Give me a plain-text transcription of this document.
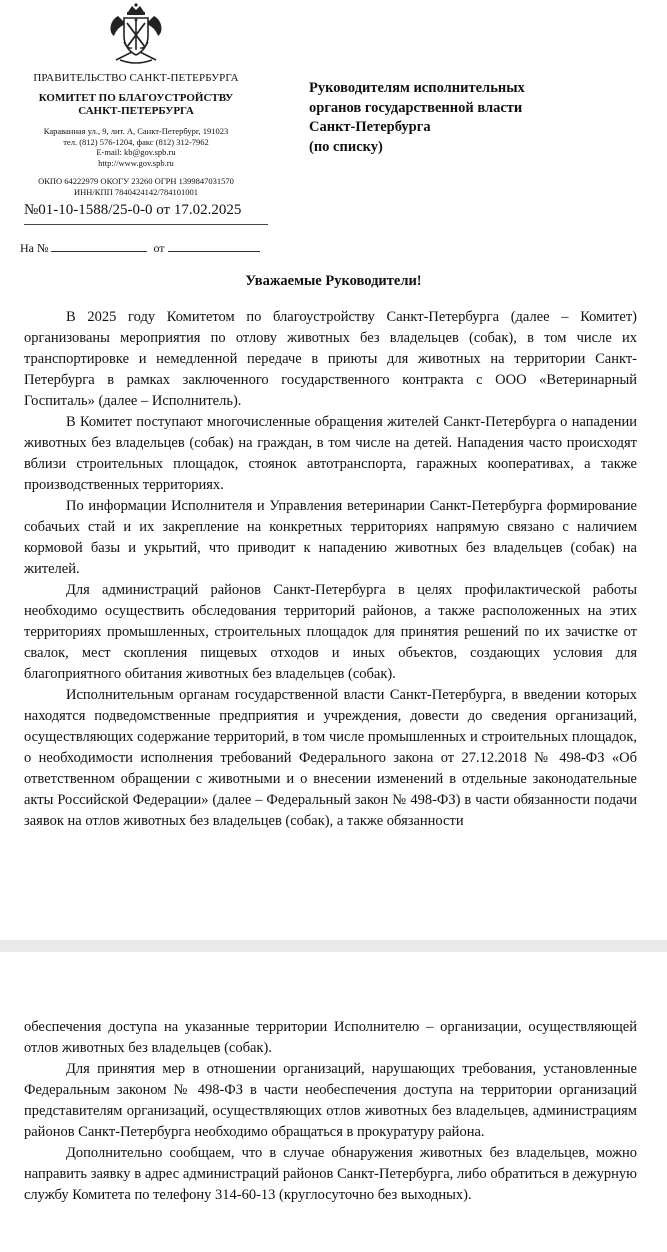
ПРАВИТЕЛЬСТВО САНКТ-ПЕТЕРБУРГА
КОМИТЕТ ПО БЛАГОУСТРОЙСТВУ
САНКТ-ПЕТЕРБУРГА
Караванная ул., 9, лит. А, Санкт-Петербург, 191023
тел. (812) 576-1204, факс (812) 312-7962
E-mail: kb@gov.spb.ru
http://www.gov.spb.ru
ОКПО 64222979 ОКОГУ 23260 ОГРН 1399847031570
ИНН/КПП 7840424142/784101001
№01-10-1588/25-0-0 от 17.02.2025
На №	от
Руководителям исполнительных
органов государственной власти
Санкт-Петербурга
(по списку)
Уважаемые Руководители!

В 2025 году Комитетом по благоустройству Санкт-Петербурга (далее – Комитет) организованы мероприятия по отлову животных без владельцев (собак), в том числе их транспортировке и немедленной передаче в приюты для животных на территории Санкт-Петербурга в рамках заключенного государственного контракта с ООО «Ветеринарный Госпиталь» (далее – Исполнитель).

В Комитет поступают многочисленные обращения жителей Санкт-Петербурга о нападении животных без владельцев (собак) на граждан, в том числе на детей. Нападения часто происходят вблизи строительных площадок, стоянок автотранспорта, гаражных кооперативах, а также производственных территориях.

По информации Исполнителя и Управления ветеринарии Санкт-Петербурга формирование собачьих стай и их закрепление на конкретных территориях напрямую связано с наличием кормовой базы и укрытий, что приводит к нападению животных без владельцев (собак) на жителей.

Для администраций районов Санкт-Петербурга в целях профилактической работы необходимо осуществить обследования территорий районов, а также расположенных на этих территориях промышленных, строительных площадок для принятия решений по их зачистке от свалок, мест скопления пищевых отходов и иных объектов, создающих условия для благоприятного обитания животных без владельцев (собак).

Исполнительным органам государственной власти Санкт-Петербурга, в введении которых находятся подведомственные предприятия и учреждения, довести до сведения организаций, осуществляющих содержание территорий, в том числе промышленных и строительных площадок, о необходимости исполнения требований Федерального закона от 27.12.2018 № 498-ФЗ «Об ответственном обращении с животными и о внесении изменений в отдельные законодательные акты Российской Федерации» (далее – Федеральный закон № 498-ФЗ) в части обязанности подачи заявок на отлов животных без владельцев (собак), а также обязанности

обеспечения доступа на указанные территории Исполнителю – организации, осуществляющей отлов животных без владельцев (собак).

Для принятия мер в отношении организаций, нарушающих требования, установленные Федеральным законом № 498-ФЗ в части необеспечения доступа на территории организаций представителям организаций, осуществляющих отлов животных без владельцев, администрациям районов Санкт-Петербурга необходимо обращаться в прокуратуру района.

Дополнительно сообщаем, что в случае обнаружения животных без владельцев, можно направить заявку в адрес администраций районов Санкт-Петербурга, либо обратиться в дежурную службу Комитета по телефону 314-60-13 (круглосуточно без выходных).
